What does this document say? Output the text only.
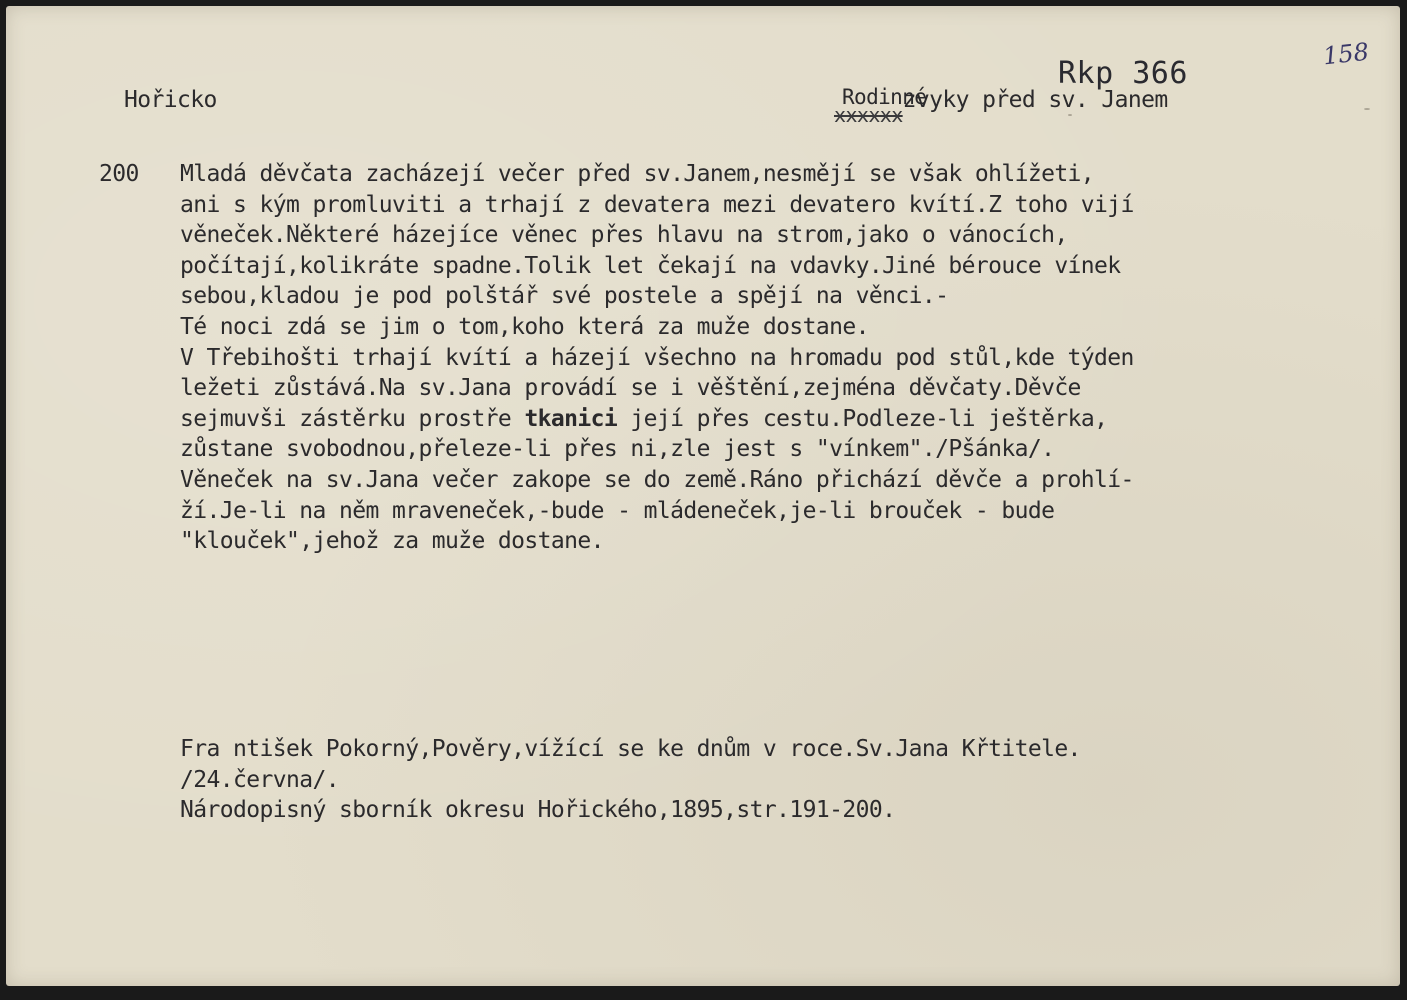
Hořicko
xxxxxx
Rodinné
zvyky před sv. Janem
Rkp 366
158
200 Mladá děvčata zacházejí večer před sv.Janem,nesmějí se však ohlížeti,
ani s kým promluviti a trhají z devatera mezi devatero kvítí.Z toho vijí
věneček.Některé házejíce věnec přes hlavu na strom,jako o vánocích,
počítají,kolikráte spadne.Tolik let čekají na vdavky.Jiné bérouce vínek
sebou,kladou je pod polštář své postele a spějí na věnci.-
Té noci zdá se jim o tom,koho která za muže dostane.
V Třebihošti trhají kvítí a házejí všechno na hromadu pod stůl,kde týden
ležeti zůstává.Na sv.Jana provádí se i věštění,zejména děvčaty.Děvče
sejmuvši zástěrku prostře tkanici její přes cestu.Podleze-li ještěrka,
zůstane svobodnou,přeleze-li přes ni,zle jest s "vínkem"./Pšánka/.
Věneček na sv.Jana večer zakope se do země.Ráno přichází děvče a prohlí-
ží.Je-li na něm mraveneček,-bude - mládeneček,je-li brouček - bude
"klouček",jehož za muže dostane.
Fra ntišek Pokorný,Pověry,vížící se ke dnům v roce.Sv.Jana Křtitele.
/24.června/.
Národopisný sborník okresu Hořického,1895,str.191-200.
